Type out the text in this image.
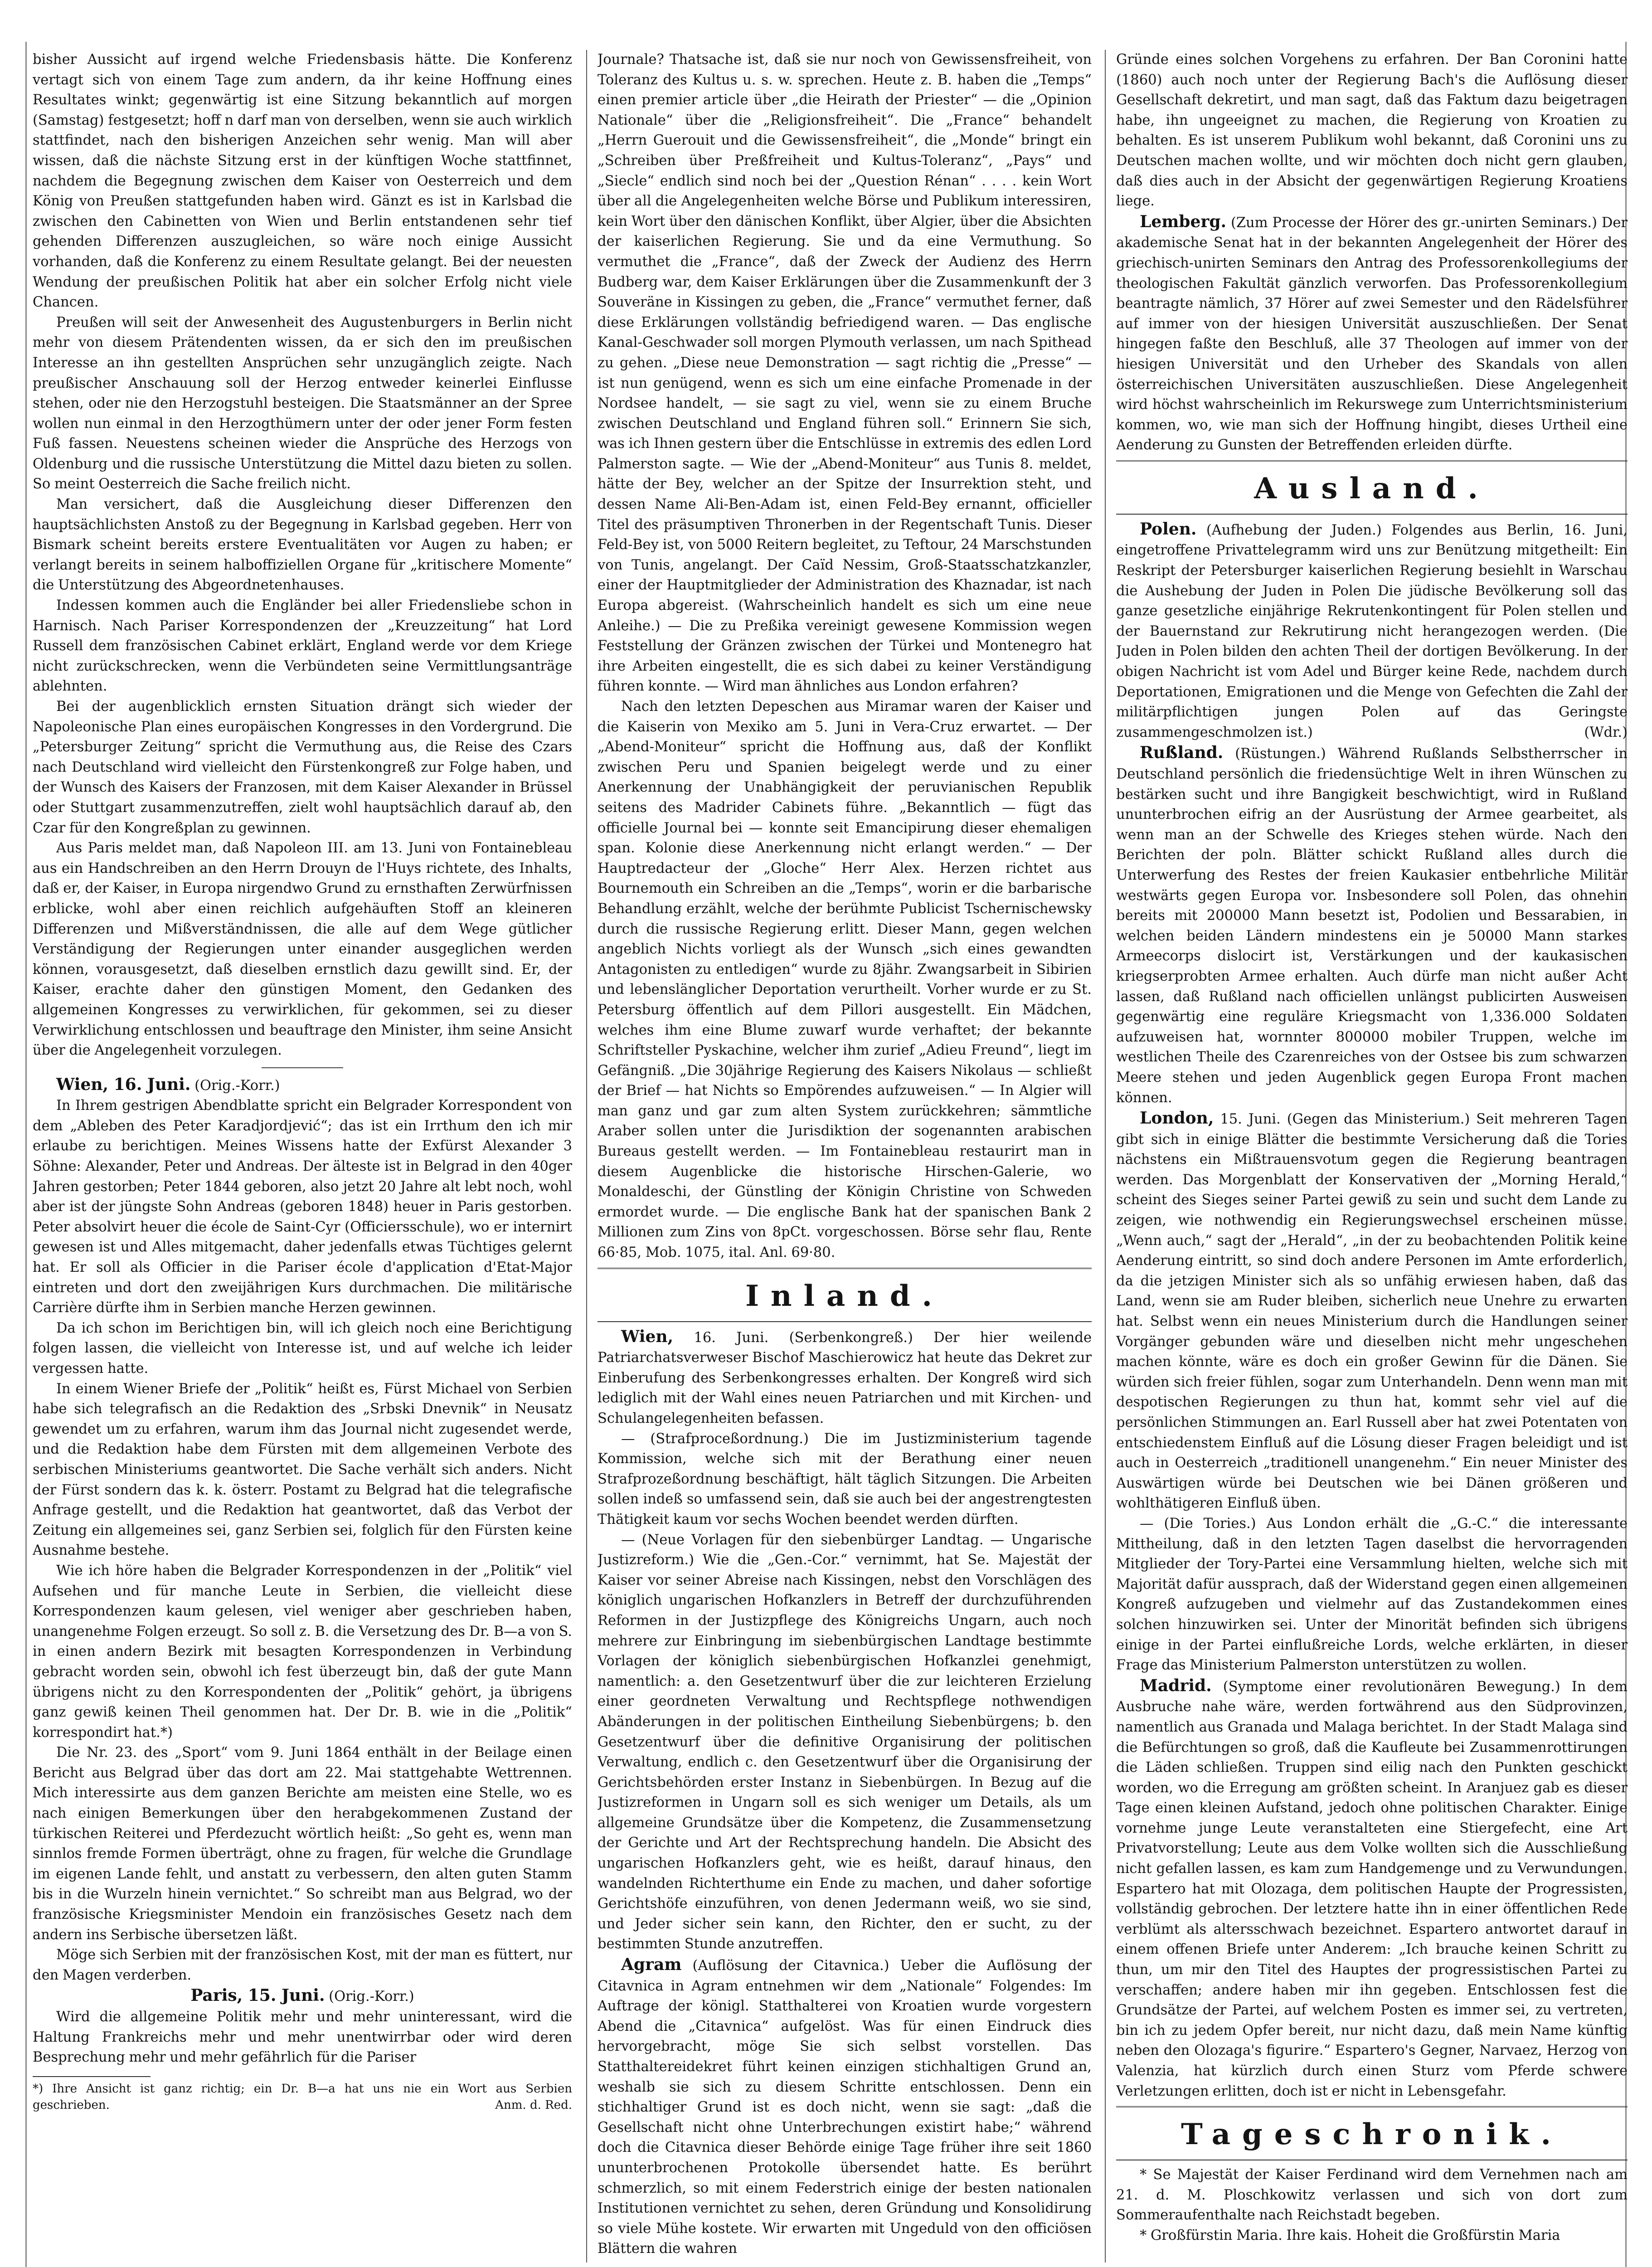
bisher Aussicht auf irgend welche Friedensbasis hätte. Die Konferenz vertagt sich von einem Tage zum andern, da ihr keine Hoffnung eines Resultates winkt; gegenwärtig ist eine Sitzung bekanntlich auf morgen (Samstag) festgesetzt; hoff n darf man von derselben, wenn sie auch wirklich stattfindet, nach den bisherigen Anzeichen sehr wenig. Man will aber wissen, daß die nächste Sitzung erst in der künftigen Woche stattfinnet, nachdem die Begegnung zwischen dem Kaiser von Oesterreich und dem König von Preußen stattgefunden haben wird. Gänzt es ist in Karlsbad die zwischen den Cabinetten von Wien und Berlin entstandenen sehr tief gehenden Differenzen auszugleichen, so wäre noch einige Aussicht vorhanden, daß die Konferenz zu einem Resultate gelangt. Bei der neuesten Wendung der preußischen Politik hat aber ein solcher Erfolg nicht viele Chancen.

Preußen will seit der Anwesenheit des Augustenburgers in Berlin nicht mehr von diesem Prätendenten wissen, da er sich den im preußischen Interesse an ihn gestellten Ansprüchen sehr unzugänglich zeigte. Nach preußischer Anschauung soll der Herzog entweder keinerlei Einflusse stehen, oder nie den Herzogstuhl besteigen. Die Staatsmänner an der Spree wollen nun einmal in den Herzogthümern unter der oder jener Form festen Fuß fassen. Neuestens scheinen wieder die Ansprüche des Herzogs von Oldenburg und die russische Unterstützung die Mittel dazu bieten zu sollen. So meint Oesterreich die Sache freilich nicht.

Man versichert, daß die Ausgleichung dieser Differenzen den hauptsächlichsten Anstoß zu der Begegnung in Karlsbad gegeben. Herr von Bismark scheint bereits erstere Eventualitäten vor Augen zu haben; er verlangt bereits in seinem halboffiziellen Organe für „kritischere Momente“ die Unterstützung des Abgeordnetenhauses.

Indessen kommen auch die Engländer bei aller Friedensliebe schon in Harnisch. Nach Pariser Korrespondenzen der „Kreuzzeitung“ hat Lord Russell dem französischen Cabinet erklärt, England werde vor dem Kriege nicht zurückschrecken, wenn die Verbündeten seine Vermittlungsanträge ablehnten.

Bei der augenblicklich ernsten Situation drängt sich wieder der Napoleonische Plan eines europäischen Kongresses in den Vordergrund. Die „Petersburger Zeitung“ spricht die Vermuthung aus, die Reise des Czars nach Deutschland wird vielleicht den Fürstenkongreß zur Folge haben, und der Wunsch des Kaisers der Franzosen, mit dem Kaiser Alexander in Brüssel oder Stuttgart zusammenzutreffen, zielt wohl hauptsächlich darauf ab, den Czar für den Kongreßplan zu gewinnen.

Aus Paris meldet man, daß Napoleon III. am 13. Juni von Fontainebleau aus ein Handschreiben an den Herrn Drouyn de l'Huys richtete, des Inhalts, daß er, der Kaiser, in Europa nirgendwo Grund zu ernsthaften Zerwürfnissen erblicke, wohl aber einen reichlich aufgehäuften Stoff an kleineren Differenzen und Mißverständnissen, die alle auf dem Wege gütlicher Verständigung der Regierungen unter einander ausgeglichen werden können, vorausgesetzt, daß dieselben ernstlich dazu gewillt sind. Er, der Kaiser, erachte daher den günstigen Moment, den Gedanken des allgemeinen Kongresses zu verwirklichen, für gekommen, sei zu dieser Verwirklichung entschlossen und beauftrage den Minister, ihm seine Ansicht über die Angelegenheit vorzulegen.

Wien, 16. Juni. (Orig.-Korr.)

In Ihrem gestrigen Abendblatte spricht ein Belgrader Korrespondent von dem „Ableben des Peter Karadjordjević“; das ist ein Irrthum den ich mir erlaube zu berichtigen. Meines Wissens hatte der Exfürst Alexander 3 Söhne: Alexander, Peter und Andreas. Der älteste ist in Belgrad in den 40ger Jahren gestorben; Peter 1844 geboren, also jetzt 20 Jahre alt lebt noch, wohl aber ist der jüngste Sohn Andreas (geboren 1848) heuer in Paris gestorben. Peter absolvirt heuer die école de Saint-Cyr (Officiersschule), wo er internirt gewesen ist und Alles mitgemacht, daher jedenfalls etwas Tüchtiges gelernt hat. Er soll als Officier in die Pariser école d'application d'Etat-Major eintreten und dort den zweijährigen Kurs durchmachen. Die militärische Carrière dürfte ihm in Serbien manche Herzen gewinnen.

Da ich schon im Berichtigen bin, will ich gleich noch eine Berichtigung folgen lassen, die vielleicht von Interesse ist, und auf welche ich leider vergessen hatte.

In einem Wiener Briefe der „Politik“ heißt es, Fürst Michael von Serbien habe sich telegrafisch an die Redaktion des „Srbski Dnevnik“ in Neusatz gewendet um zu erfahren, warum ihm das Journal nicht zugesendet werde, und die Redaktion habe dem Fürsten mit dem allgemeinen Verbote des serbischen Ministeriums geantwortet. Die Sache verhält sich anders. Nicht der Fürst sondern das k. k. österr. Postamt zu Belgrad hat die telegrafische Anfrage gestellt, und die Redaktion hat geantwortet, daß das Verbot der Zeitung ein allgemeines sei, ganz Serbien sei, folglich für den Fürsten keine Ausnahme bestehe.

Wie ich höre haben die Belgrader Korrespondenzen in der „Politik“ viel Aufsehen und für manche Leute in Serbien, die vielleicht diese Korrespondenzen kaum gelesen, viel weniger aber geschrieben haben, unangenehme Folgen erzeugt. So soll z. B. die Versetzung des Dr. B—a von S. in einen andern Bezirk mit besagten Korrespondenzen in Verbindung gebracht worden sein, obwohl ich fest überzeugt bin, daß der gute Mann übrigens nicht zu den Korrespondenten der „Politik“ gehört, ja übrigens ganz gewiß keinen Theil genommen hat. Der Dr. B. wie in die „Politik“ korrespondirt hat.*)

Die Nr. 23. des „Sport“ vom 9. Juni 1864 enthält in der Beilage einen Bericht aus Belgrad über das dort am 22. Mai stattgehabte Wettrennen. Mich interessirte aus dem ganzen Berichte am meisten eine Stelle, wo es nach einigen Bemerkungen über den herabgekommenen Zustand der türkischen Reiterei und Pferdezucht wörtlich heißt: „So geht es, wenn man sinnlos fremde Formen überträgt, ohne zu fragen, für welche die Grundlage im eigenen Lande fehlt, und anstatt zu verbessern, den alten guten Stamm bis in die Wurzeln hinein vernichtet.“ So schreibt man aus Belgrad, wo der französische Kriegsminister Mendoin ein französisches Gesetz nach dem andern ins Serbische übersetzen läßt.

Möge sich Serbien mit der französischen Kost, mit der man es füttert, nur den Magen verderben.

Paris, 15. Juni. (Orig.-Korr.)

Wird die allgemeine Politik mehr und mehr uninteressant, wird die Haltung Frankreichs mehr und mehr unentwirrbar oder wird deren Besprechung mehr und mehr gefährlich für die Pariser

*) Ihre Ansicht ist ganz richtig; ein Dr. B—a hat uns nie ein Wort aus Serbien geschrieben.	Anm. d. Red.

Journale? Thatsache ist, daß sie nur noch von Gewissensfreiheit, von Toleranz des Kultus u. s. w. sprechen. Heute z. B. haben die „Temps“ einen premier article über „die Heirath der Priester“ — die „Opinion Nationale“ über die „Religionsfreiheit“. Die „France“ behandelt „Herrn Guerouit und die Gewissensfreiheit“, die „Monde“ bringt ein „Schreiben über Preßfreiheit und Kultus-Toleranz“, „Pays“ und „Siecle“ endlich sind noch bei der „Question Rénan“ . . . . kein Wort über all die Angelegenheiten welche Börse und Publikum interessiren, kein Wort über den dänischen Konflikt, über Algier, über die Absichten der kaiserlichen Regierung. Sie und da eine Vermuthung. So vermuthet die „France“, daß der Zweck der Audienz des Herrn Budberg war, dem Kaiser Erklärungen über die Zusammenkunft der 3 Souveräne in Kissingen zu geben, die „France“ vermuthet ferner, daß diese Erklärungen vollständig befriedigend waren. — Das englische Kanal-Geschwader soll morgen Plymouth verlassen, um nach Spithead zu gehen. „Diese neue Demonstration — sagt richtig die „Presse“ — ist nun genügend, wenn es sich um eine einfache Promenade in der Nordsee handelt, — sie sagt zu viel, wenn sie zu einem Bruche zwischen Deutschland und England führen soll.“ Erinnern Sie sich, was ich Ihnen gestern über die Entschlüsse in extremis des edlen Lord Palmerston sagte. — Wie der „Abend-Moniteur“ aus Tunis 8. meldet, hätte der Bey, welcher an der Spitze der Insurrektion steht, und dessen Name Ali-Ben-Adam ist, einen Feld-Bey ernannt, officieller Titel des präsumptiven Thronerben in der Regentschaft Tunis. Dieser Feld-Bey ist, von 5000 Reitern begleitet, zu Teftour, 24 Marschstunden von Tunis, angelangt. Der Caïd Nessim, Groß-Staatsschatzkanzler, einer der Hauptmitglieder der Administration des Khaznadar, ist nach Europa abgereist. (Wahrscheinlich handelt es sich um eine neue Anleihe.) — Die zu Preßika vereinigt gewesene Kommission wegen Feststellung der Gränzen zwischen der Türkei und Montenegro hat ihre Arbeiten eingestellt, die es sich dabei zu keiner Verständigung führen konnte. — Wird man ähnliches aus London erfahren?

Nach den letzten Depeschen aus Miramar waren der Kaiser und die Kaiserin von Mexiko am 5. Juni in Vera-Cruz erwartet. — Der „Abend-Moniteur“ spricht die Hoffnung aus, daß der Konflikt zwischen Peru und Spanien beigelegt werde und zu einer Anerkennung der Unabhängigkeit der peruvianischen Republik seitens des Madrider Cabinets führe. „Bekanntlich — fügt das officielle Journal bei — konnte seit Emancipirung dieser ehemaligen span. Kolonie diese Anerkennung nicht erlangt werden.“ — Der Hauptredacteur der „Gloche“ Herr Alex. Herzen richtet aus Bournemouth ein Schreiben an die „Temps“, worin er die barbarische Behandlung erzählt, welche der berühmte Publicist Tschernischewsky durch die russische Regierung erlitt. Dieser Mann, gegen welchen angeblich Nichts vorliegt als der Wunsch „sich eines gewandten Antagonisten zu entledigen“ wurde zu 8jähr. Zwangsarbeit in Sibirien und lebenslänglicher Deportation verurtheilt. Vorher wurde er zu St. Petersburg öffentlich auf dem Pillori ausgestellt. Ein Mädchen, welches ihm eine Blume zuwarf wurde verhaftet; der bekannte Schriftsteller Pyskachine, welcher ihm zurief „Adieu Freund“, liegt im Gefängniß. „Die 30jährige Regierung des Kaisers Nikolaus — schließt der Brief — hat Nichts so Empörendes aufzuweisen.“ — In Algier will man ganz und gar zum alten System zurückkehren; sämmtliche Araber sollen unter die Jurisdiktion der sogenannten arabischen Bureaus gestellt werden. — Im Fontainebleau restaurirt man in diesem Augenblicke die historische Hirschen-Galerie, wo Monaldeschi, der Günstling der Königin Christine von Schweden ermordet wurde. — Die englische Bank hat der spanischen Bank 2 Millionen zum Zins von 8pCt. vorgeschossen. Börse sehr flau, Rente 66·85, Mob. 1075, ital. Anl. 69·80.

Inland.

Wien, 16. Juni. (Serbenkongreß.) Der hier weilende Patriarchatsverweser Bischof Maschierowicz hat heute das Dekret zur Einberufung des Serbenkongresses erhalten. Der Kongreß wird sich lediglich mit der Wahl eines neuen Patriarchen und mit Kirchen- und Schulangelegenheiten befassen.

— (Strafproceßordnung.) Die im Justizministerium tagende Kommission, welche sich mit der Berathung einer neuen Strafprozeßordnung beschäftigt, hält täglich Sitzungen. Die Arbeiten sollen indeß so umfassend sein, daß sie auch bei der angestrengtesten Thätigkeit kaum vor sechs Wochen beendet werden dürften.

— (Neue Vorlagen für den siebenbürger Landtag. — Ungarische Justizreform.) Wie die „Gen.-Cor.“ vernimmt, hat Se. Majestät der Kaiser vor seiner Abreise nach Kissingen, nebst den Vorschlägen des königlich ungarischen Hofkanzlers in Betreff der durchzuführenden Reformen in der Justizpflege des Königreichs Ungarn, auch noch mehrere zur Einbringung im siebenbürgischen Landtage bestimmte Vorlagen der königlich siebenbürgischen Hofkanzlei genehmigt, namentlich: a. den Gesetzentwurf über die zur leichteren Erzielung einer geordneten Verwaltung und Rechtspflege nothwendigen Abänderungen in der politischen Eintheilung Siebenbürgens; b. den Gesetzentwurf über die definitive Organisirung der politischen Verwaltung, endlich c. den Gesetzentwurf über die Organisirung der Gerichtsbehörden erster Instanz in Siebenbürgen. In Bezug auf die Justizreformen in Ungarn soll es sich weniger um Details, als um allgemeine Grundsätze über die Kompetenz, die Zusammensetzung der Gerichte und Art der Rechtsprechung handeln. Die Absicht des ungarischen Hofkanzlers geht, wie es heißt, darauf hinaus, den wandelnden Richterthume ein Ende zu machen, und daher sofortige Gerichtshöfe einzuführen, von denen Jedermann weiß, wo sie sind, und Jeder sicher sein kann, den Richter, den er sucht, zu der bestimmten Stunde anzutreffen.

Agram (Auflösung der Citavnica.) Ueber die Auflösung der Citavnica in Agram entnehmen wir dem „Nationale“ Folgendes: Im Auftrage der königl. Statthalterei von Kroatien wurde vorgestern Abend die „Citavnica“ aufgelöst. Was für einen Eindruck dies hervorgebracht, möge Sie sich selbst vorstellen. Das Statthaltereidekret führt keinen einzigen stichhaltigen Grund an, weshalb sie sich zu diesem Schritte entschlossen. Denn ein stichhaltiger Grund ist es doch nicht, wenn sie sagt: „daß die Gesellschaft nicht ohne Unterbrechungen existirt habe;“ während doch die Citavnica dieser Behörde einige Tage früher ihre seit 1860 ununterbrochenen Protokolle übersendet hatte. Es berührt schmerzlich, so mit einem Federstrich einige der besten nationalen Institutionen vernichtet zu sehen, deren Gründung und Konsolidirung so viele Mühe kostete. Wir erwarten mit Ungeduld von den officiösen Blättern die wahren

Gründe eines solchen Vorgehens zu erfahren. Der Ban Coronini hatte (1860) auch noch unter der Regierung Bach's die Auflösung dieser Gesellschaft dekretirt, und man sagt, daß das Faktum dazu beigetragen habe, ihn ungeeignet zu machen, die Regierung von Kroatien zu behalten. Es ist unserem Publikum wohl bekannt, daß Coronini uns zu Deutschen machen wollte, und wir möchten doch nicht gern glauben, daß dies auch in der Absicht der gegenwärtigen Regierung Kroatiens liege.

Lemberg. (Zum Processe der Hörer des gr.-unirten Seminars.) Der akademische Senat hat in der bekannten Angelegenheit der Hörer des griechisch-unirten Seminars den Antrag des Professorenkollegiums der theologischen Fakultät gänzlich verworfen. Das Professorenkollegium beantragte nämlich, 37 Hörer auf zwei Semester und den Rädelsführer auf immer von der hiesigen Universität auszuschließen. Der Senat hingegen faßte den Beschluß, alle 37 Theologen auf immer von der hiesigen Universität und den Urheber des Skandals von allen österreichischen Universitäten auszuschließen. Diese Angelegenheit wird höchst wahrscheinlich im Rekurswege zum Unterrichtsministerium kommen, wo, wie man sich der Hoffnung hingibt, dieses Urtheil eine Aenderung zu Gunsten der Betreffenden erleiden dürfte.

Ausland.

Polen. (Aufhebung der Juden.) Folgendes aus Berlin, 16. Juni, eingetroffene Privattelegramm wird uns zur Benützung mitgetheilt: Ein Reskript der Petersburger kaiserlichen Regierung besiehlt in Warschau die Aushebung der Juden in Polen Die jüdische Bevölkerung soll das ganze gesetzliche einjährige Rekrutenkontingent für Polen stellen und der Bauernstand zur Rekrutirung nicht herangezogen werden. (Die Juden in Polen bilden den achten Theil der dortigen Bevölkerung. In der obigen Nachricht ist vom Adel und Bürger keine Rede, nachdem durch Deportationen, Emigrationen und die Menge von Gefechten die Zahl der militärpflichtigen jungen Polen auf das Geringste zusammengeschmolzen ist.)	(Wdr.)

Rußland. (Rüstungen.) Während Rußlands Selbstherrscher in Deutschland persönlich die friedensüchtige Welt in ihren Wünschen zu bestärken sucht und ihre Bangigkeit beschwichtigt, wird in Rußland ununterbrochen eifrig an der Ausrüstung der Armee gearbeitet, als wenn man an der Schwelle des Krieges stehen würde. Nach den Berichten der poln. Blätter schickt Rußland alles durch die Unterwerfung des Restes der freien Kaukasier entbehrliche Militär westwärts gegen Europa vor. Insbesondere soll Polen, das ohnehin bereits mit 200000 Mann besetzt ist, Podolien und Bessarabien, in welchen beiden Ländern mindestens ein je 50000 Mann starkes Armeecorps dislocirt ist, Verstärkungen und der kaukasischen kriegserprobten Armee erhalten. Auch dürfe man nicht außer Acht lassen, daß Rußland nach officiellen unlängst publicirten Ausweisen gegenwärtig eine reguläre Kriegsmacht von 1,336.000 Soldaten aufzuweisen hat, wornnter 800000 mobiler Truppen, welche im westlichen Theile des Czarenreiches von der Ostsee bis zum schwarzen Meere stehen und jeden Augenblick gegen Europa Front machen können.

London, 15. Juni. (Gegen das Ministerium.) Seit mehreren Tagen gibt sich in einige Blätter die bestimmte Versicherung daß die Tories nächstens ein Mißtrauensvotum gegen die Regierung beantragen werden. Das Morgenblatt der Konservativen der „Morning Herald,“ scheint des Sieges seiner Partei gewiß zu sein und sucht dem Lande zu zeigen, wie nothwendig ein Regierungswechsel erscheinen müsse. „Wenn auch,“ sagt der „Herald“, „in der zu beobachtenden Politik keine Aenderung eintritt, so sind doch andere Personen im Amte erforderlich, da die jetzigen Minister sich als so unfähig erwiesen haben, daß das Land, wenn sie am Ruder bleiben, sicherlich neue Unehre zu erwarten hat. Selbst wenn ein neues Ministerium durch die Handlungen seiner Vorgänger gebunden wäre und dieselben nicht mehr ungeschehen machen könnte, wäre es doch ein großer Gewinn für die Dänen. Sie würden sich freier fühlen, sogar zum Unterhandeln. Denn wenn man mit despotischen Regierungen zu thun hat, kommt sehr viel auf die persönlichen Stimmungen an. Earl Russell aber hat zwei Potentaten von entschiedenstem Einfluß auf die Lösung dieser Fragen beleidigt und ist auch in Oesterreich „traditionell unangenehm.“ Ein neuer Minister des Auswärtigen würde bei Deutschen wie bei Dänen größeren und wohlthätigeren Einfluß üben.

— (Die Tories.) Aus London erhält die „G.-C.“ die interessante Mittheilung, daß in den letzten Tagen daselbst die hervorragenden Mitglieder der Tory-Partei eine Versammlung hielten, welche sich mit Majorität dafür aussprach, daß der Widerstand gegen einen allgemeinen Kongreß aufzugeben und vielmehr auf das Zustandekommen eines solchen hinzuwirken sei. Unter der Minorität befinden sich übrigens einige in der Partei einflußreiche Lords, welche erklärten, in dieser Frage das Ministerium Palmerston unterstützen zu wollen.

Madrid. (Symptome einer revolutionären Bewegung.) In dem Ausbruche nahe wäre, werden fortwährend aus den Südprovinzen, namentlich aus Granada und Malaga berichtet. In der Stadt Malaga sind die Befürchtungen so groß, daß die Kaufleute bei Zusammenrottirungen die Läden schließen. Truppen sind eilig nach den Punkten geschickt worden, wo die Erregung am größten scheint. In Aranjuez gab es dieser Tage einen kleinen Aufstand, jedoch ohne politischen Charakter. Einige vornehme junge Leute veranstalteten eine Stiergefecht, eine Art Privatvorstellung; Leute aus dem Volke wollten sich die Ausschließung nicht gefallen lassen, es kam zum Handgemenge und zu Verwundungen. Espartero hat mit Olozaga, dem politischen Haupte der Progressisten, vollständig gebrochen. Der letztere hatte ihn in einer öffentlichen Rede verblümt als altersschwach bezeichnet. Espartero antwortet darauf in einem offenen Briefe unter Anderem: „Ich brauche keinen Schritt zu thun, um mir den Titel des Hauptes der progressistischen Partei zu verschaffen; andere haben mir ihn gegeben. Entschlossen fest die Grundsätze der Partei, auf welchem Posten es immer sei, zu vertreten, bin ich zu jedem Opfer bereit, nur nicht dazu, daß mein Name künftig neben den Olozaga's figurire.“ Espartero's Gegner, Narvaez, Herzog von Valenzia, hat kürzlich durch einen Sturz vom Pferde schwere Verletzungen erlitten, doch ist er nicht in Lebensgefahr.

Tageschronik.

* Se Majestät der Kaiser Ferdinand wird dem Vernehmen nach am 21. d. M. Ploschkowitz verlassen und sich von dort zum Sommeraufenthalte nach Reichstadt begeben.

* Großfürstin Maria. Ihre kais. Hoheit die Großfürstin Maria
